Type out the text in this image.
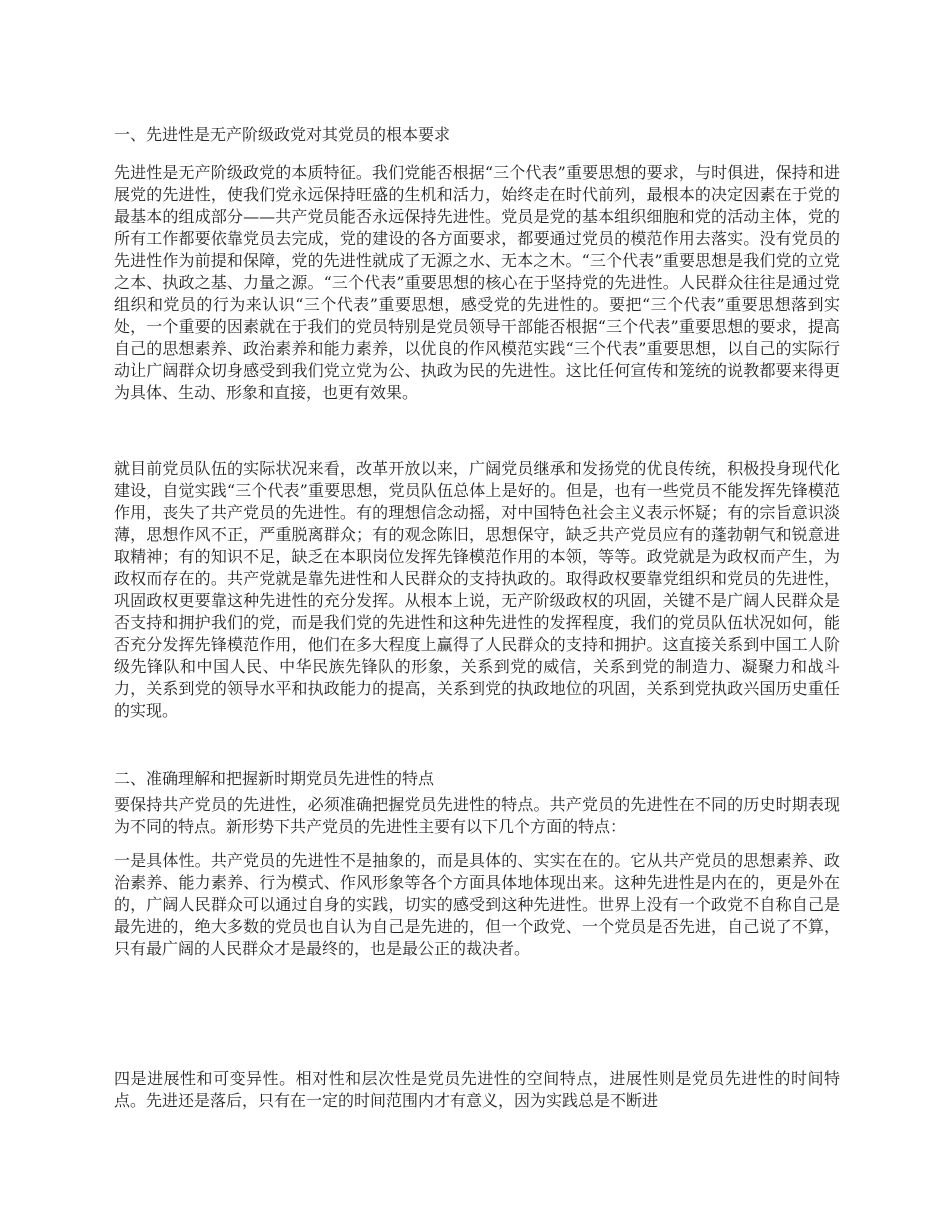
一、先进性是无产阶级政党对其党员的根本要求

先进性是无产阶级政党的本质特征。我们党能否根据“三个代表”重要思想的要求，与时俱进，保持和进展党的先进性，使我们党永远保持旺盛的生机和活力，始终走在时代前列，最根本的决定因素在于党的最基本的组成部分——共产党员能否永远保持先进性。党员是党的基本组织细胞和党的活动主体，党的所有工作都要依靠党员去完成，党的建设的各方面要求，都要通过党员的模范作用去落实。没有党员的先进性作为前提和保障，党的先进性就成了无源之水、无本之木。“三个代表”重要思想是我们党的立党之本、执政之基、力量之源。“三个代表”重要思想的核心在于坚持党的先进性。人民群众往往是通过党组织和党员的行为来认识“三个代表”重要思想，感受党的先进性的。要把“三个代表”重要思想落到实处，一个重要的因素就在于我们的党员特别是党员领导干部能否根据“三个代表”重要思想的要求，提高自己的思想素养、政治素养和能力素养，以优良的作风模范实践“三个代表”重要思想，以自己的实际行动让广阔群众切身感受到我们党立党为公、执政为民的先进性。这比任何宣传和笼统的说教都要来得更为具体、生动、形象和直接，也更有效果。

就目前党员队伍的实际状况来看，改革开放以来，广阔党员继承和发扬党的优良传统，积极投身现代化建设，自觉实践“三个代表”重要思想，党员队伍总体上是好的。但是，也有一些党员不能发挥先锋模范作用，丧失了共产党员的先进性。有的理想信念动摇，对中国特色社会主义表示怀疑；有的宗旨意识淡薄，思想作风不正，严重脱离群众；有的观念陈旧，思想保守，缺乏共产党员应有的蓬勃朝气和锐意进取精神；有的知识不足，缺乏在本职岗位发挥先锋模范作用的本领，等等。政党就是为政权而产生，为政权而存在的。共产党就是靠先进性和人民群众的支持执政的。取得政权要靠党组织和党员的先进性，巩固政权更要靠这种先进性的充分发挥。从根本上说，无产阶级政权的巩固，关键不是广阔人民群众是否支持和拥护我们的党，而是我们党的先进性和这种先进性的发挥程度，我们的党员队伍状况如何，能否充分发挥先锋模范作用，他们在多大程度上赢得了人民群众的支持和拥护。这直接关系到中国工人阶级先锋队和中国人民、中华民族先锋队的形象，关系到党的威信，关系到党的制造力、凝聚力和战斗力，关系到党的领导水平和执政能力的提高，关系到党的执政地位的巩固，关系到党执政兴国历史重任的实现。

二、准确理解和把握新时期党员先进性的特点

要保持共产党员的先进性，必须准确把握党员先进性的特点。共产党员的先进性在不同的历史时期表现为不同的特点。新形势下共产党员的先进性主要有以下几个方面的特点：

一是具体性。共产党员的先进性不是抽象的，而是具体的、实实在在的。它从共产党员的思想素养、政治素养、能力素养、行为模式、作风形象等各个方面具体地体现出来。这种先进性是内在的，更是外在的，广阔人民群众可以通过自身的实践，切实的感受到这种先进性。世界上没有一个政党不自称自己是最先进的，绝大多数的党员也自认为自己是先进的，但一个政党、一个党员是否先进，自己说了不算，只有最广阔的人民群众才是最终的，也是最公正的裁决者。

四是进展性和可变异性。相对性和层次性是党员先进性的空间特点，进展性则是党员先进性的时间特点。先进还是落后，只有在一定的时间范围内才有意义，因为实践总是不断进
